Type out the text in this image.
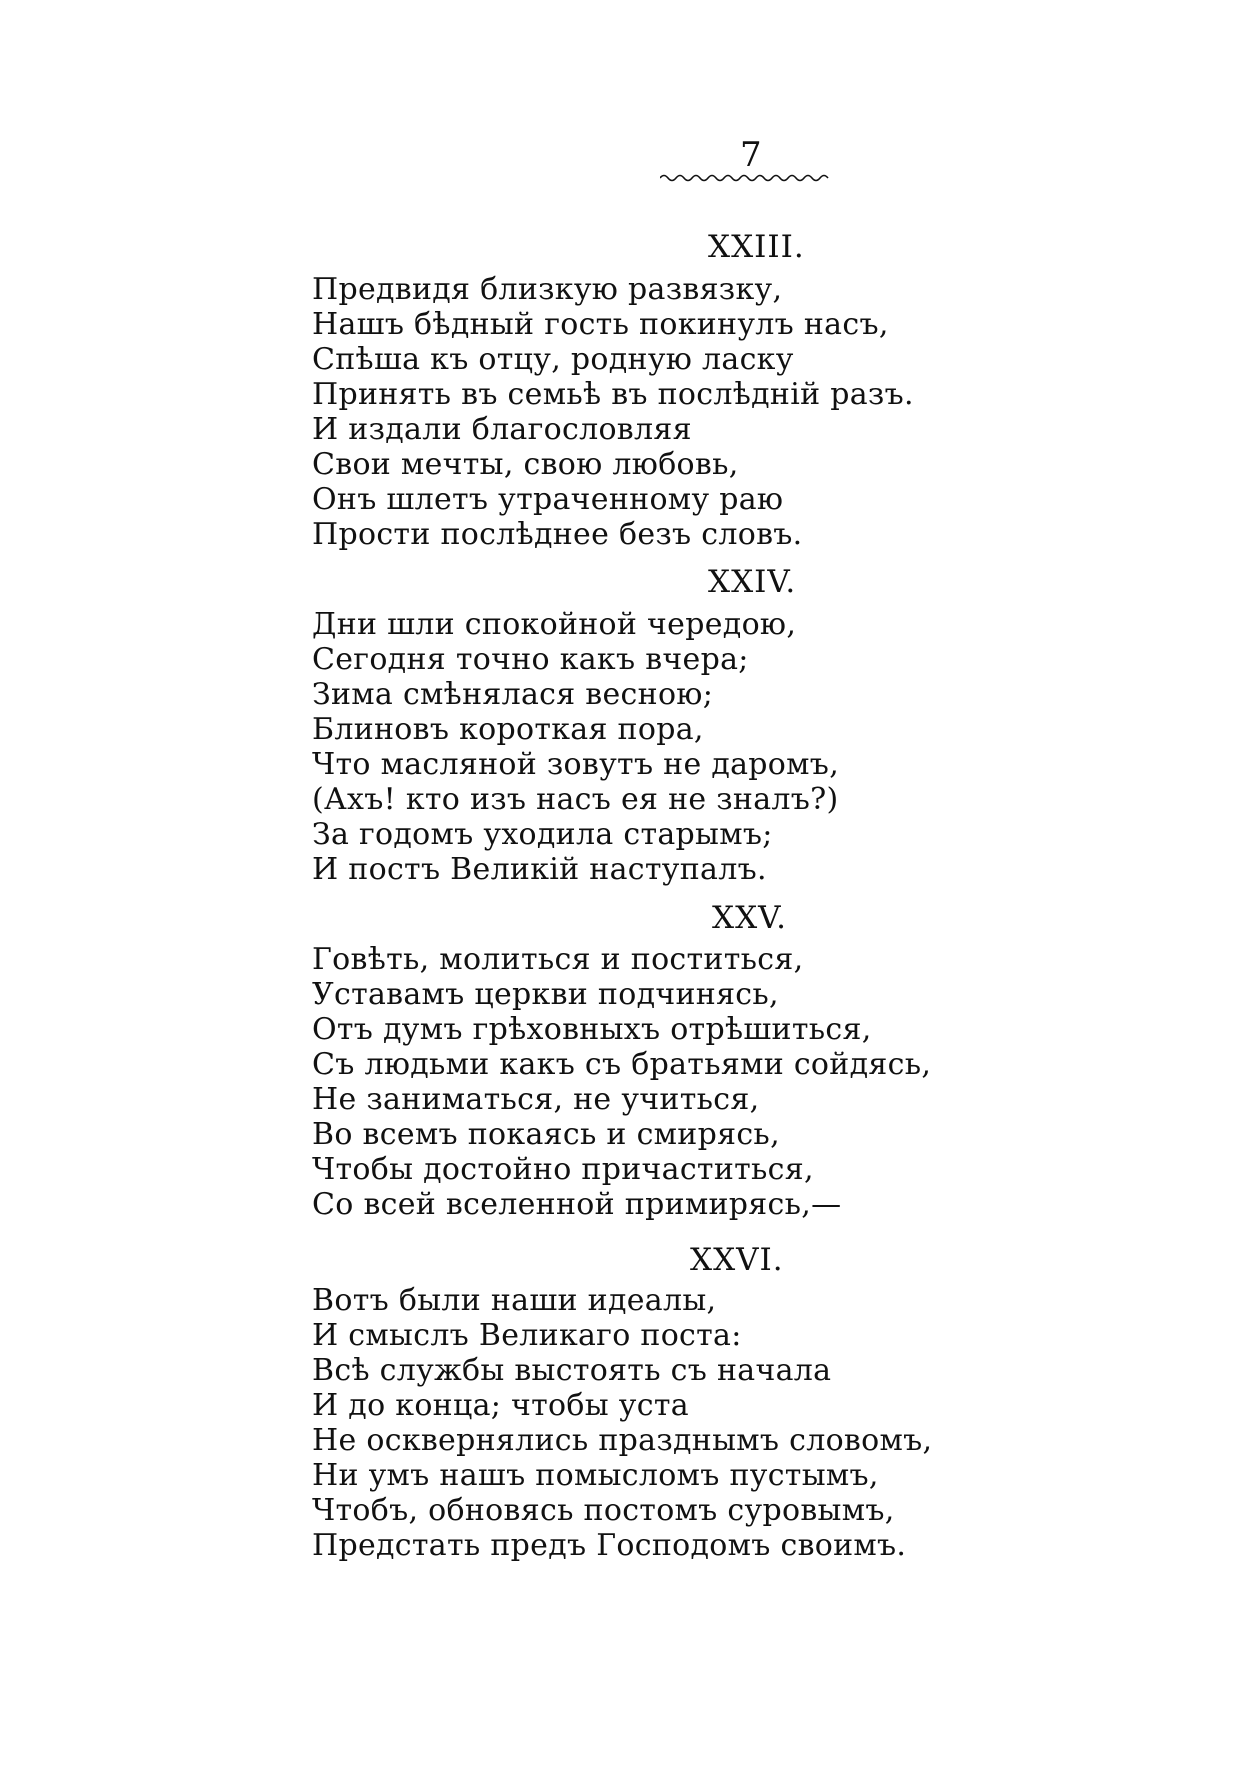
7
XXIII.
Предвидя близкую развязку,
Нашъ бѣдный гость покинулъ насъ,
Спѣша къ отцу, родную ласку
Принять въ семьѣ въ послѣднiй разъ.
И издали благословляя
Свои мечты, свою любовь,
Онъ шлетъ утраченному раю
Прости послѣднее безъ словъ.
XXIV.
Дни шли спокойной чередою,
Сегодня точно какъ вчера;
Зима смѣнялася весною;
Блиновъ короткая пора,
Что масляной зовутъ не даромъ,
(Ахъ! кто изъ насъ ея не зналъ?)
За годомъ уходила старымъ;
И постъ Великiй наступалъ.
XXV.
Говѣть, молиться и поститься,
Уставамъ церкви подчинясь,
Отъ думъ грѣховныхъ отрѣшиться,
Съ людьми какъ съ братьями сойдясь,
Не заниматься, не учиться,
Во всемъ покаясь и смирясь,
Чтобы достойно причаститься,
Со всей вселенной примирясь,—
XXVI.
Вотъ были наши идеалы,
И смыслъ Великаго поста:
Всѣ службы выстоять съ начала
И до конца; чтобы уста
Не осквернялись празднымъ словомъ,
Ни умъ нашъ помысломъ пустымъ,
Чтобъ, обновясь постомъ суровымъ,
Предстать предъ Господомъ своимъ.
